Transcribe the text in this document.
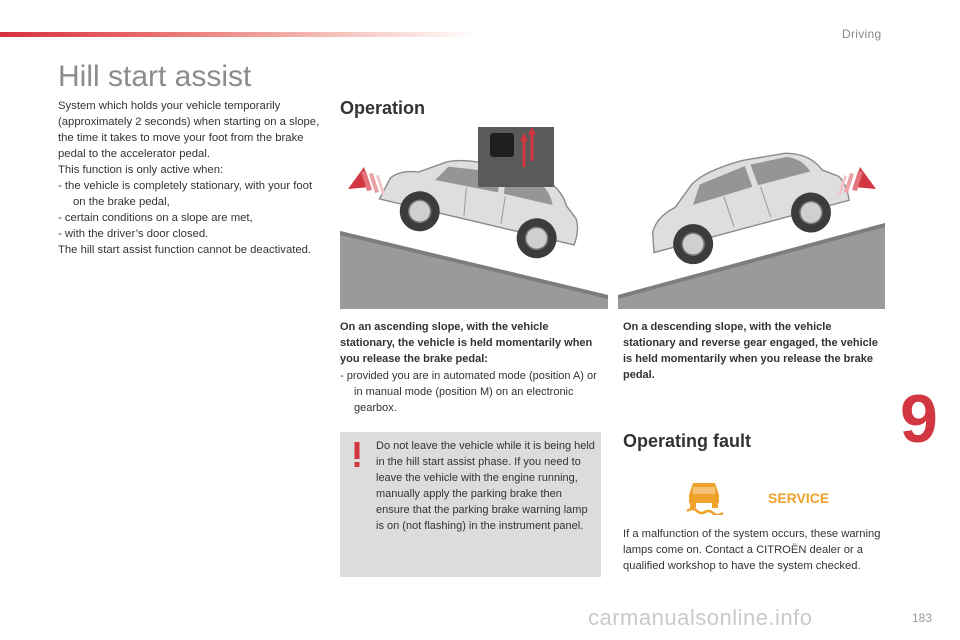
Driving
Hill start assist

System which holds your vehicle temporarily (approximately 2 seconds) when starting on a slope, the time it takes to move your foot from the brake pedal to the accelerator pedal.

This function is only active when:

- the vehicle is completely stationary, with your foot on the brake pedal,

- certain conditions on a slope are met,

- with the driver’s door closed.

The hill start assist function cannot be deactivated.

Operation
On an ascending slope, with the vehicle stationary, the vehicle is held momentarily when you release the brake pedal:
- provided you are in automated mode (position A) or in manual mode (position M) on an electronic gearbox.
On a descending slope, with the vehicle stationary and reverse gear engaged, the vehicle is held momentarily when you release the brake pedal.
Do not leave the vehicle while it is being held in the hill start assist phase. If you need to leave the vehicle with the engine running, manually apply the parking brake then ensure that the parking brake warning lamp is on (not flashing) in the instrument panel.
Operating fault
SERVICE
If a malfunction of the system occurs, these warning lamps come on. Contact a CITROËN dealer or a qualified workshop to have the system checked.
9
183
carmanualsonline.info
